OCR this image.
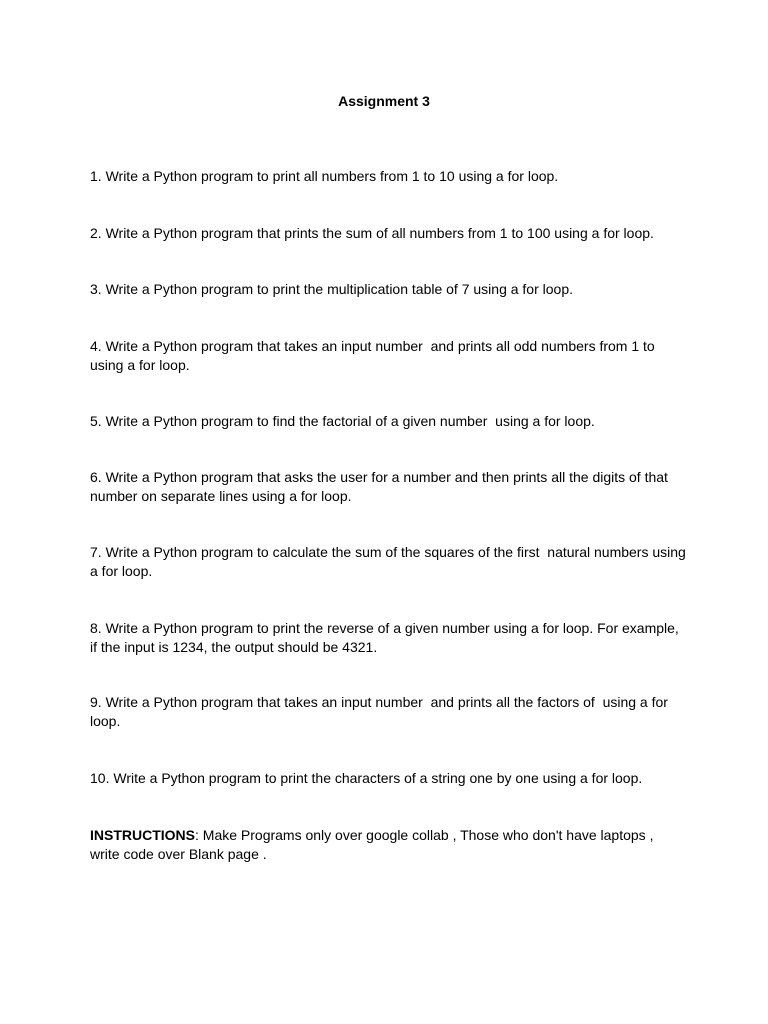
Assignment 3
1. Write a Python program to print all numbers from 1 to 10 using a for loop.
2. Write a Python program that prints the sum of all numbers from 1 to 100 using a for loop.
3. Write a Python program to print the multiplication table of 7 using a for loop.
4. Write a Python program that takes an input number  and prints all odd numbers from 1 to
using a for loop.
5. Write a Python program to find the factorial of a given number  using a for loop.
6. Write a Python program that asks the user for a number and then prints all the digits of that
number on separate lines using a for loop.
7. Write a Python program to calculate the sum of the squares of the first  natural numbers using
a for loop.
8. Write a Python program to print the reverse of a given number using a for loop. For example,
if the input is 1234, the output should be 4321.
9. Write a Python program that takes an input number  and prints all the factors of  using a for
loop.
10. Write a Python program to print the characters of a string one by one using a for loop.
INSTRUCTIONS: Make Programs only over google collab , Those who don't have laptops ,
write code over Blank page .
